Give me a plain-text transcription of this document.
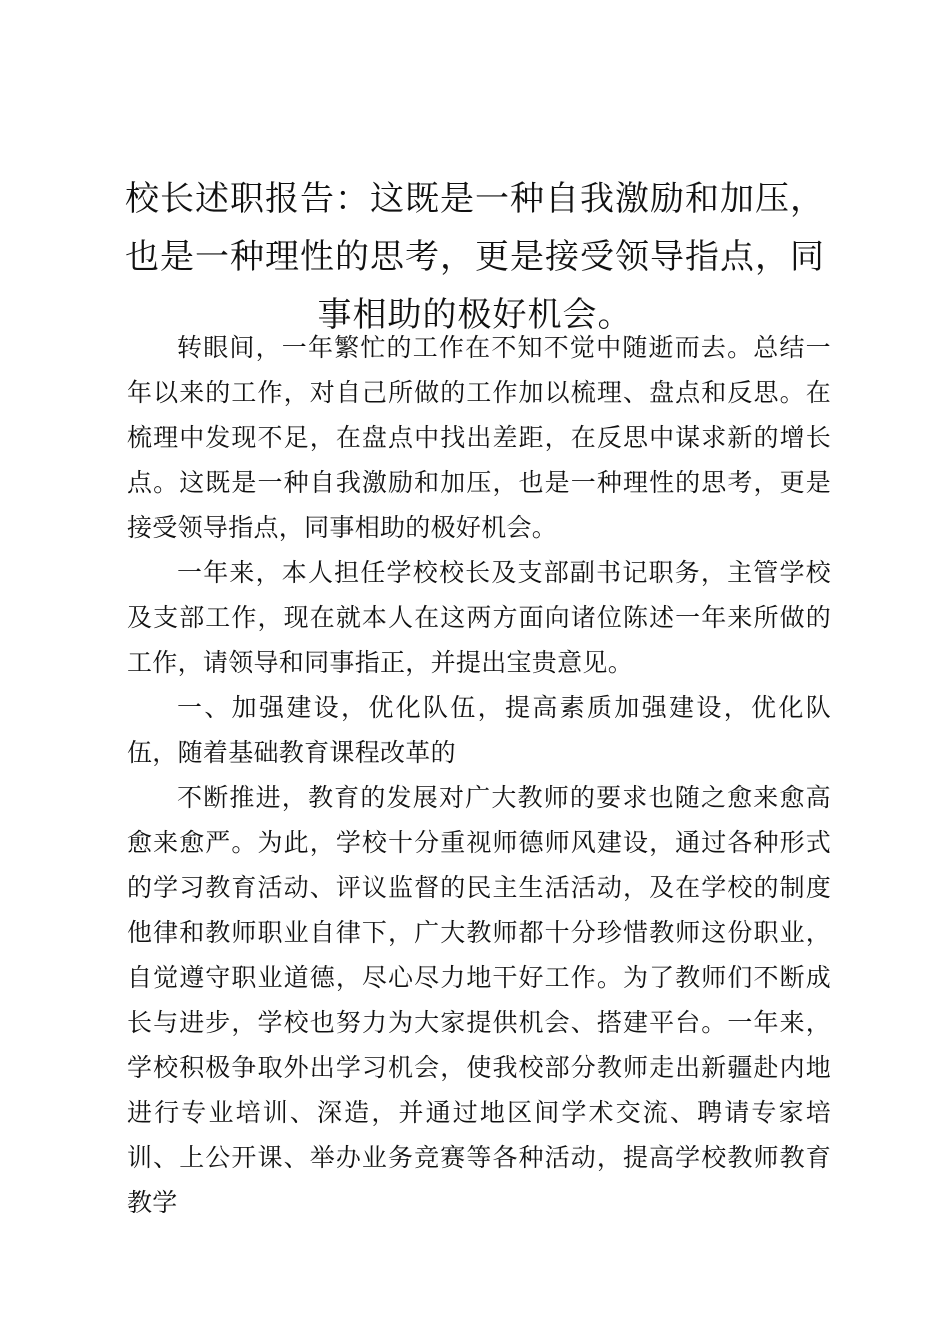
校长述职报告：这既是一种自我激励和加压，也是一种理性的思考，更是接受领导指点，同事相助的极好机会。

转眼间，一年繁忙的工作在不知不觉中随逝而去。总结一年以来的工作，对自己所做的工作加以梳理、盘点和反思。在梳理中发现不足，在盘点中找出差距，在反思中谋求新的增长点。这既是一种自我激励和加压，也是一种理性的思考，更是接受领导指点，同事相助的极好机会。

一年来，本人担任学校校长及支部副书记职务，主管学校及支部工作，现在就本人在这两方面向诸位陈述一年来所做的工作，请领导和同事指正，并提出宝贵意见。

一、加强建设，优化队伍，提高素质加强建设，优化队伍，随着基础教育课程改革的

不断推进，教育的发展对广大教师的要求也随之愈来愈高愈来愈严。为此，学校十分重视师德师风建设，通过各种形式的学习教育活动、评议监督的民主生活活动，及在学校的制度他律和教师职业自律下，广大教师都十分珍惜教师这份职业，自觉遵守职业道德，尽心尽力地干好工作。为了教师们不断成长与进步，学校也努力为大家提供机会、搭建平台。一年来，学校积极争取外出学习机会，使我校部分教师走出新疆赴内地进行专业培训、深造，并通过地区间学术交流、聘请专家培训、上公开课、举办业务竞赛等各种活动，提高学校教师教育教学
